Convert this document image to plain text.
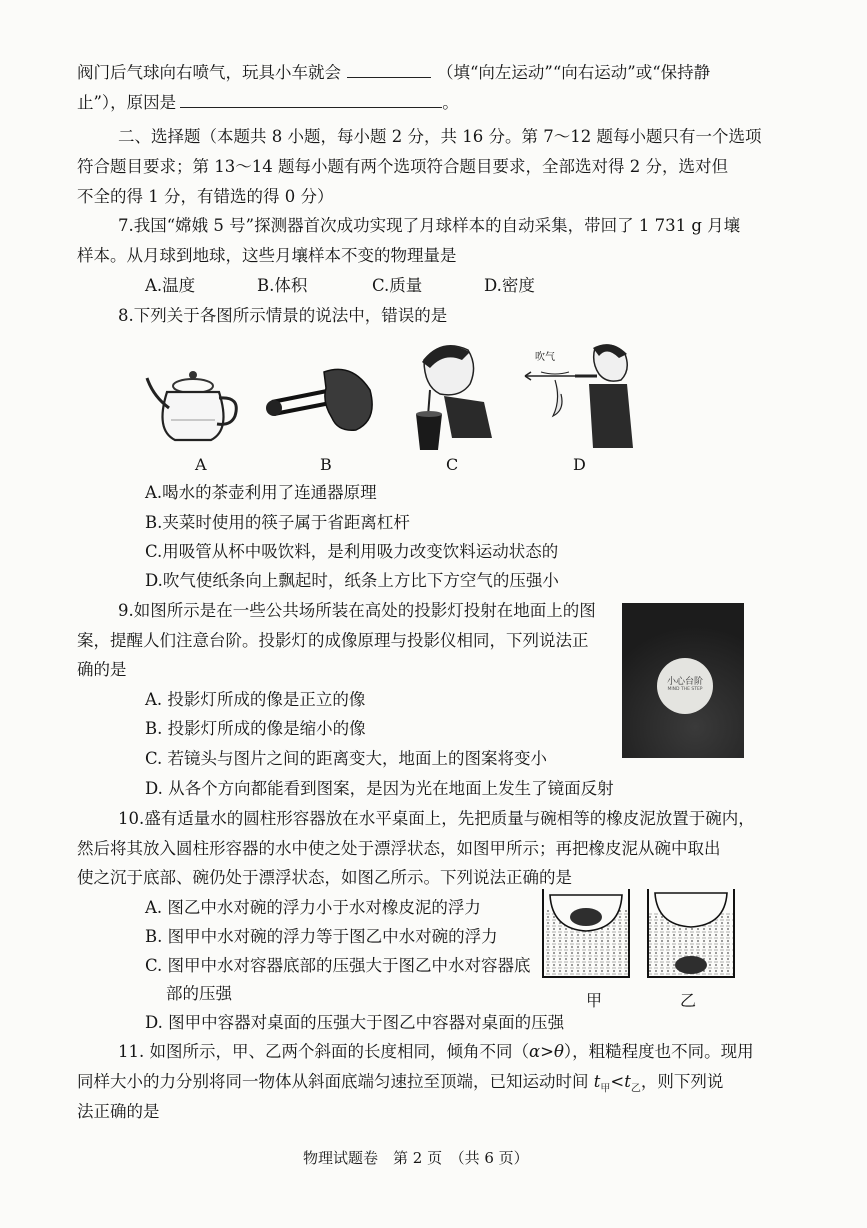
阀门后气球向右喷气，玩具小车就会	（填“向左运动”“向右运动”或“保持静
止”），原因是	。
二、选择题（本题共 8 小题，每小题 2 分，共 16 分。第 7～12 题每小题只有一个选项
符合题目要求；第 13～14 题每小题有两个选项符合题目要求，全部选对得 2 分，选对但
不全的得 1 分，有错选的得 0 分）
7.我国“嫦娥 5 号”探测器首次成功实现了月球样本的自动采集，带回了 1 731 g 月壤
样本。从月球到地球，这些月壤样本不变的物理量是
A.温度	B.体积	C.质量	D.密度
8.下列关于各图所示情景的说法中，错误的是
吹气
A	B	C	D
A.喝水的茶壶利用了连通器原理
B.夹菜时使用的筷子属于省距离杠杆
C.用吸管从杯中吸饮料，是利用吸力改变饮料运动状态的
D.吹气使纸条向上飘起时，纸条上方比下方空气的压强小
9.如图所示是在一些公共场所装在高处的投影灯投射在地面上的图
案，提醒人们注意台阶。投影灯的成像原理与投影仪相同，下列说法正
确的是
A. 投影灯所成的像是正立的像
B. 投影灯所成的像是缩小的像
C. 若镜头与图片之间的距离变大，地面上的图案将变小
D. 从各个方向都能看到图案，是因为光在地面上发生了镜面反射
小心台阶
MIND THE STEP
10.盛有适量水的圆柱形容器放在水平桌面上，先把质量与碗相等的橡皮泥放置于碗内，
然后将其放入圆柱形容器的水中使之处于漂浮状态，如图甲所示；再把橡皮泥从碗中取出
使之沉于底部、碗仍处于漂浮状态，如图乙所示。下列说法正确的是
A. 图乙中水对碗的浮力小于水对橡皮泥的浮力
B. 图甲中水对碗的浮力等于图乙中水对碗的浮力
C. 图甲中水对容器底部的压强大于图乙中水对容器底
部的压强
D. 图甲中容器对桌面的压强大于图乙中容器对桌面的压强
甲	乙
11. 如图所示，甲、乙两个斜面的长度相同，倾角不同（α>θ），粗糙程度也不同。现用
同样大小的力分别将同一物体从斜面底端匀速拉至顶端，已知运动时间 $t_甲<t_乙$，则下列说
法正确的是
物理试题卷　第 2 页　（共 6 页）
